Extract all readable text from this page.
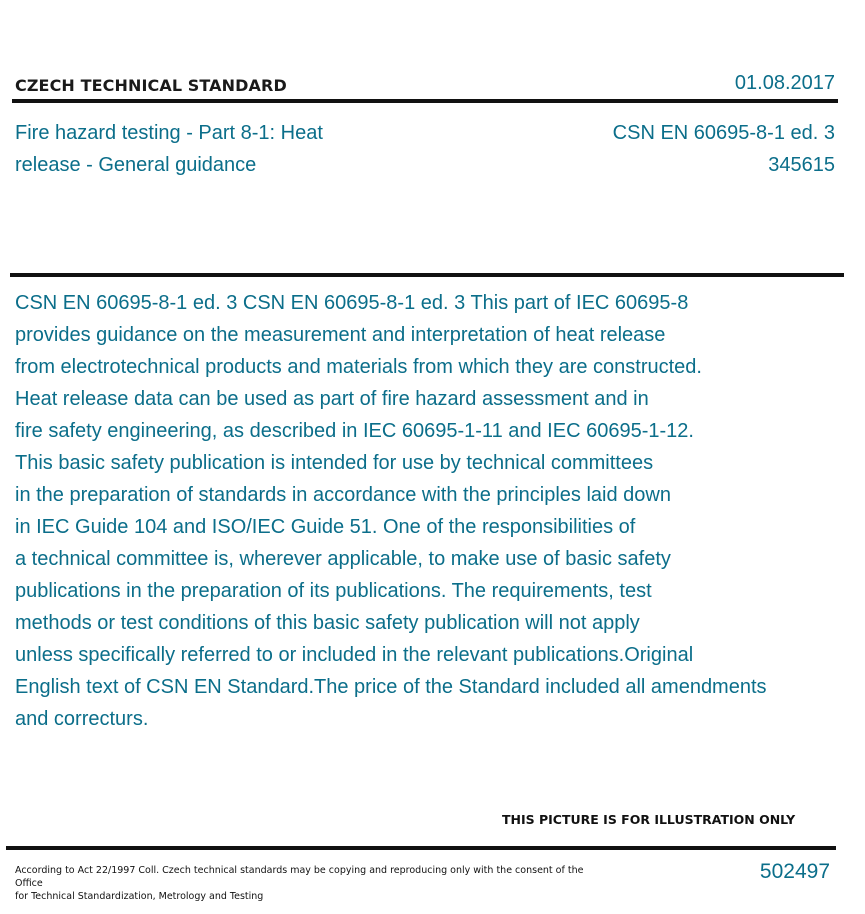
CZECH TECHNICAL STANDARD	01.08.2017
Fire hazard testing - Part 8-1: Heat
release - General guidance
CSN EN 60695-8-1 ed. 3
345615

CSN EN 60695-8-1 ed. 3 CSN EN 60695-8-1 ed. 3 This part of IEC 60695-8
provides guidance on the measurement and interpretation of heat release
from electrotechnical products and materials from which they are constructed.
Heat release data can be used as part of fire hazard assessment and in
fire safety engineering, as described in IEC 60695-1-11 and IEC 60695-1-12.
This basic safety publication is intended for use by technical committees
in the preparation of standards in accordance with the principles laid down
in IEC Guide 104 and ISO/IEC Guide 51. One of the responsibilities of
a technical committee is, wherever applicable, to make use of basic safety
publications in the preparation of its publications. The requirements, test
methods or test conditions of this basic safety publication will not apply
unless specifically referred to or included in the relevant publications.Original
English text of CSN EN Standard.The price of the Standard included all amendments
and correcturs.

THIS PICTURE IS FOR ILLUSTRATION ONLY
According to Act 22/1997 Coll. Czech technical standards may be copying and reproducing only with the consent of the Office
for Technical Standardization, Metrology and Testing
502497
